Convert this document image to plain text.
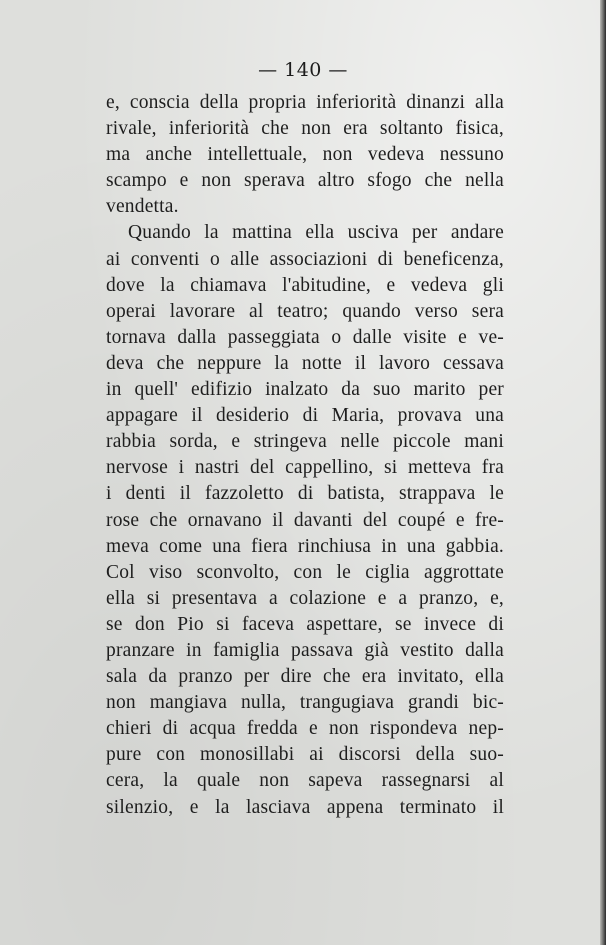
— 140 —
e, conscia della propria inferiorità dinanzi alla
rivale, inferiorità che non era soltanto fisica,
ma anche intellettuale, non vedeva nessuno
scampo e non sperava altro sfogo che nella
vendetta.
Quando la mattina ella usciva per andare
ai conventi o alle associazioni di beneficenza,
dove la chiamava l'abitudine, e vedeva gli
operai lavorare al teatro; quando verso sera
tornava dalla passeggiata o dalle visite e ve-
deva che neppure la notte il lavoro cessava
in quell' edifizio inalzato da suo marito per
appagare il desiderio di Maria, provava una
rabbia sorda, e stringeva nelle piccole mani
nervose i nastri del cappellino, si metteva fra
i denti il fazzoletto di batista, strappava le
rose che ornavano il davanti del coupé e fre-
meva come una fiera rinchiusa in una gabbia.
Col viso sconvolto, con le ciglia aggrottate
ella si presentava a colazione e a pranzo, e,
se don Pio si faceva aspettare, se invece di
pranzare in famiglia passava già vestito dalla
sala da pranzo per dire che era invitato, ella
non mangiava nulla, trangugiava grandi bic-
chieri di acqua fredda e non rispondeva nep-
pure con monosillabi ai discorsi della suo-
cera, la quale non sapeva rassegnarsi al
silenzio, e la lasciava appena terminato il
